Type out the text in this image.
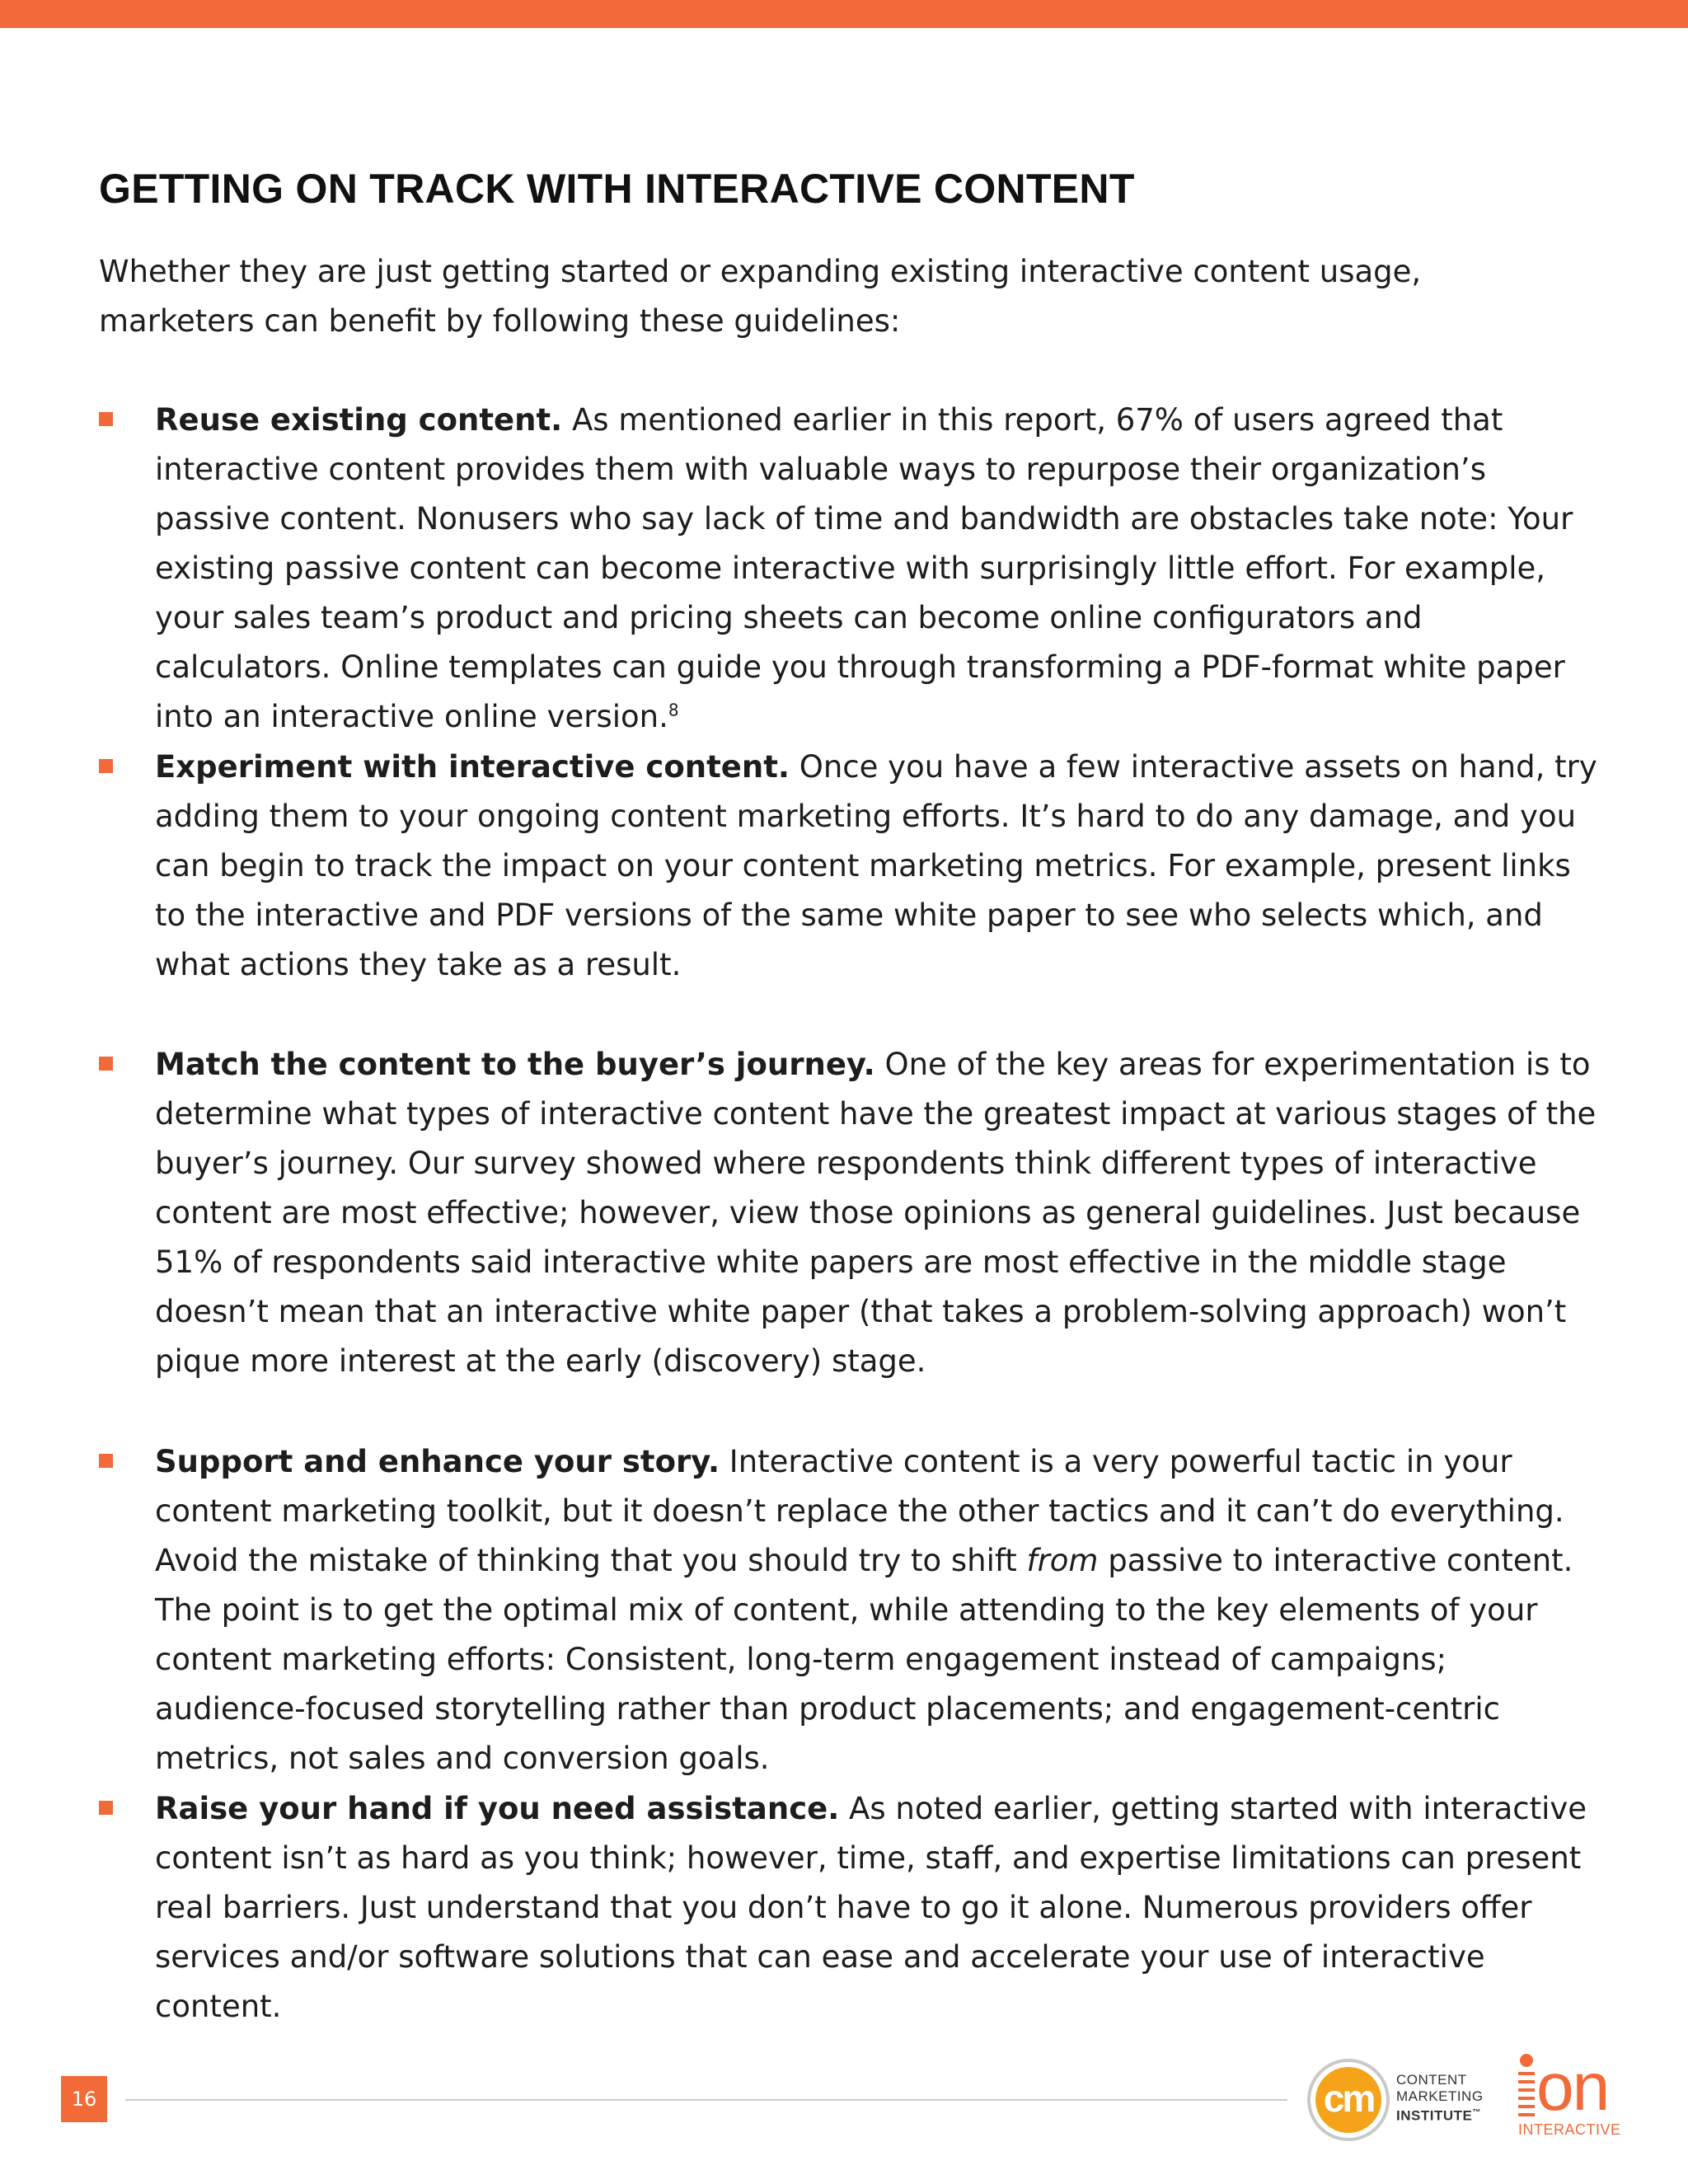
GETTING ON TRACK WITH INTERACTIVE CONTENT

Whether they are just getting started or expanding existing interactive content usage, marketers can benefit by following these guidelines:

Reuse existing content. As mentioned earlier in this report, 67% of users agreed that interactive content provides them with valuable ways to repurpose their organization’s passive content. Nonusers who say lack of time and bandwidth are obstacles take note: Your existing passive content can become interactive with surprisingly little effort. For example, your sales team’s product and pricing sheets can become online configurators and calculators. Online templates can guide you through transforming a PDF-format white paper into an interactive online version.$^8$
Experiment with interactive content. Once you have a few interactive assets on hand, try adding them to your ongoing content marketing efforts. It’s hard to do any damage, and you can begin to track the impact on your content marketing metrics. For example, present links to the interactive and PDF versions of the same white paper to see who selects which, and what actions they take as a result.
Match the content to the buyer’s journey. One of the key areas for experimentation is to determine what types of interactive content have the greatest impact at various stages of the buyer’s journey. Our survey showed where respondents think different types of interactive content are most effective; however, view those opinions as general guidelines. Just because 51% of respondents said interactive white papers are most effective in the middle stage doesn’t mean that an interactive white paper (that takes a problem-solving approach) won’t pique more interest at the early (discovery) stage.
Support and enhance your story. Interactive content is a very powerful tactic in your content marketing toolkit, but it doesn’t replace the other tactics and it can’t do everything. Avoid the mistake of thinking that you should try to shift from passive to interactive content. The point is to get the optimal mix of content, while attending to the key elements of your content marketing efforts: Consistent, long-term engagement instead of campaigns; audience-focused storytelling rather than product placements; and engagement-centric metrics, not sales and conversion goals.
Raise your hand if you need assistance. As noted earlier, getting started with interactive content isn’t as hard as you think; however, time, staff, and expertise limitations can present real barriers. Just understand that you don’t have to go it alone. Numerous providers offer services and/or software solutions that can ease and accelerate your use of interactive content.
16	cm	CONTENT
MARKETING
INSTITUTE™ on
INTERACTIVE
